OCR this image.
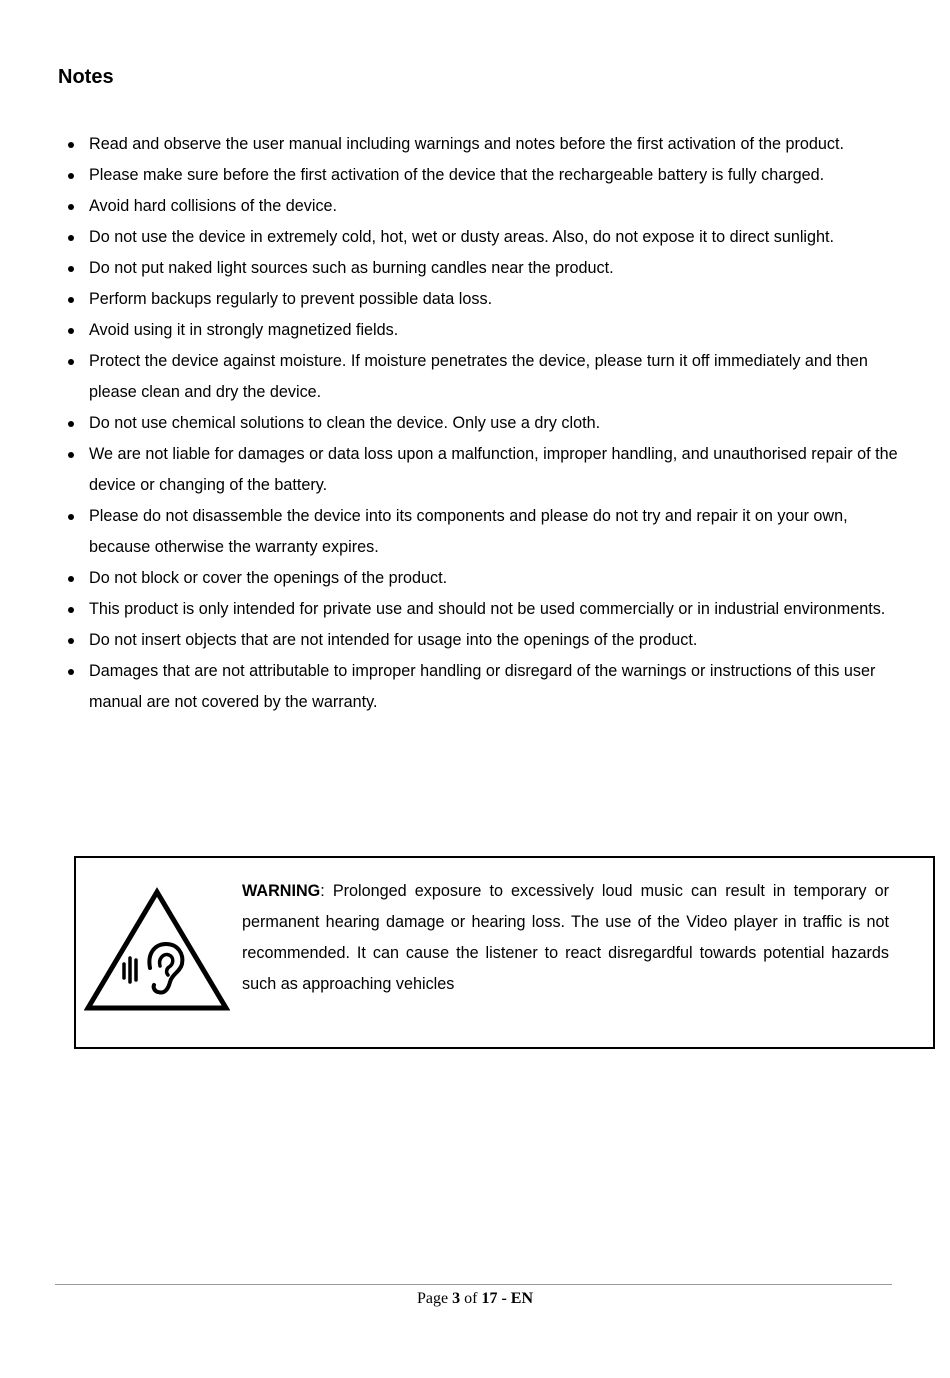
Notes
Read and observe the user manual including warnings and notes before the first activation of the product.
Please make sure before the first activation of the device that the rechargeable battery is fully charged.
Avoid hard collisions of the device.
Do not use the device in extremely cold, hot, wet or dusty areas. Also, do not expose it to direct sunlight.
Do not put naked light sources such as burning candles near the product.
Perform backups regularly to prevent possible data loss.
Avoid using it in strongly magnetized fields.
Protect the device against moisture. If moisture penetrates the device, please turn it off immediately and then please clean and dry the device.
Do not use chemical solutions to clean the device. Only use a dry cloth.
We are not liable for damages or data loss upon a malfunction, improper handling, and unauthorised repair of the device or changing of the battery.
Please do not disassemble the device into its components and please do not try and repair it on your own, because otherwise the warranty expires.
Do not block or cover the openings of the product.
This product is only intended for private use and should not be used commercially or in industrial environments.
Do not insert objects that are not intended for usage into the openings of the product.
Damages that are not attributable to improper handling or disregard of the warnings or instructions of this user manual are not covered by the warranty.

WARNING: Prolonged exposure to excessively loud music can result in temporary or permanent hearing damage or hearing loss. The use of the Video player in traffic is not recommended. It can cause the listener to react disregardful towards potential hazards such as approaching vehicles

Page 3 of 17 - EN
